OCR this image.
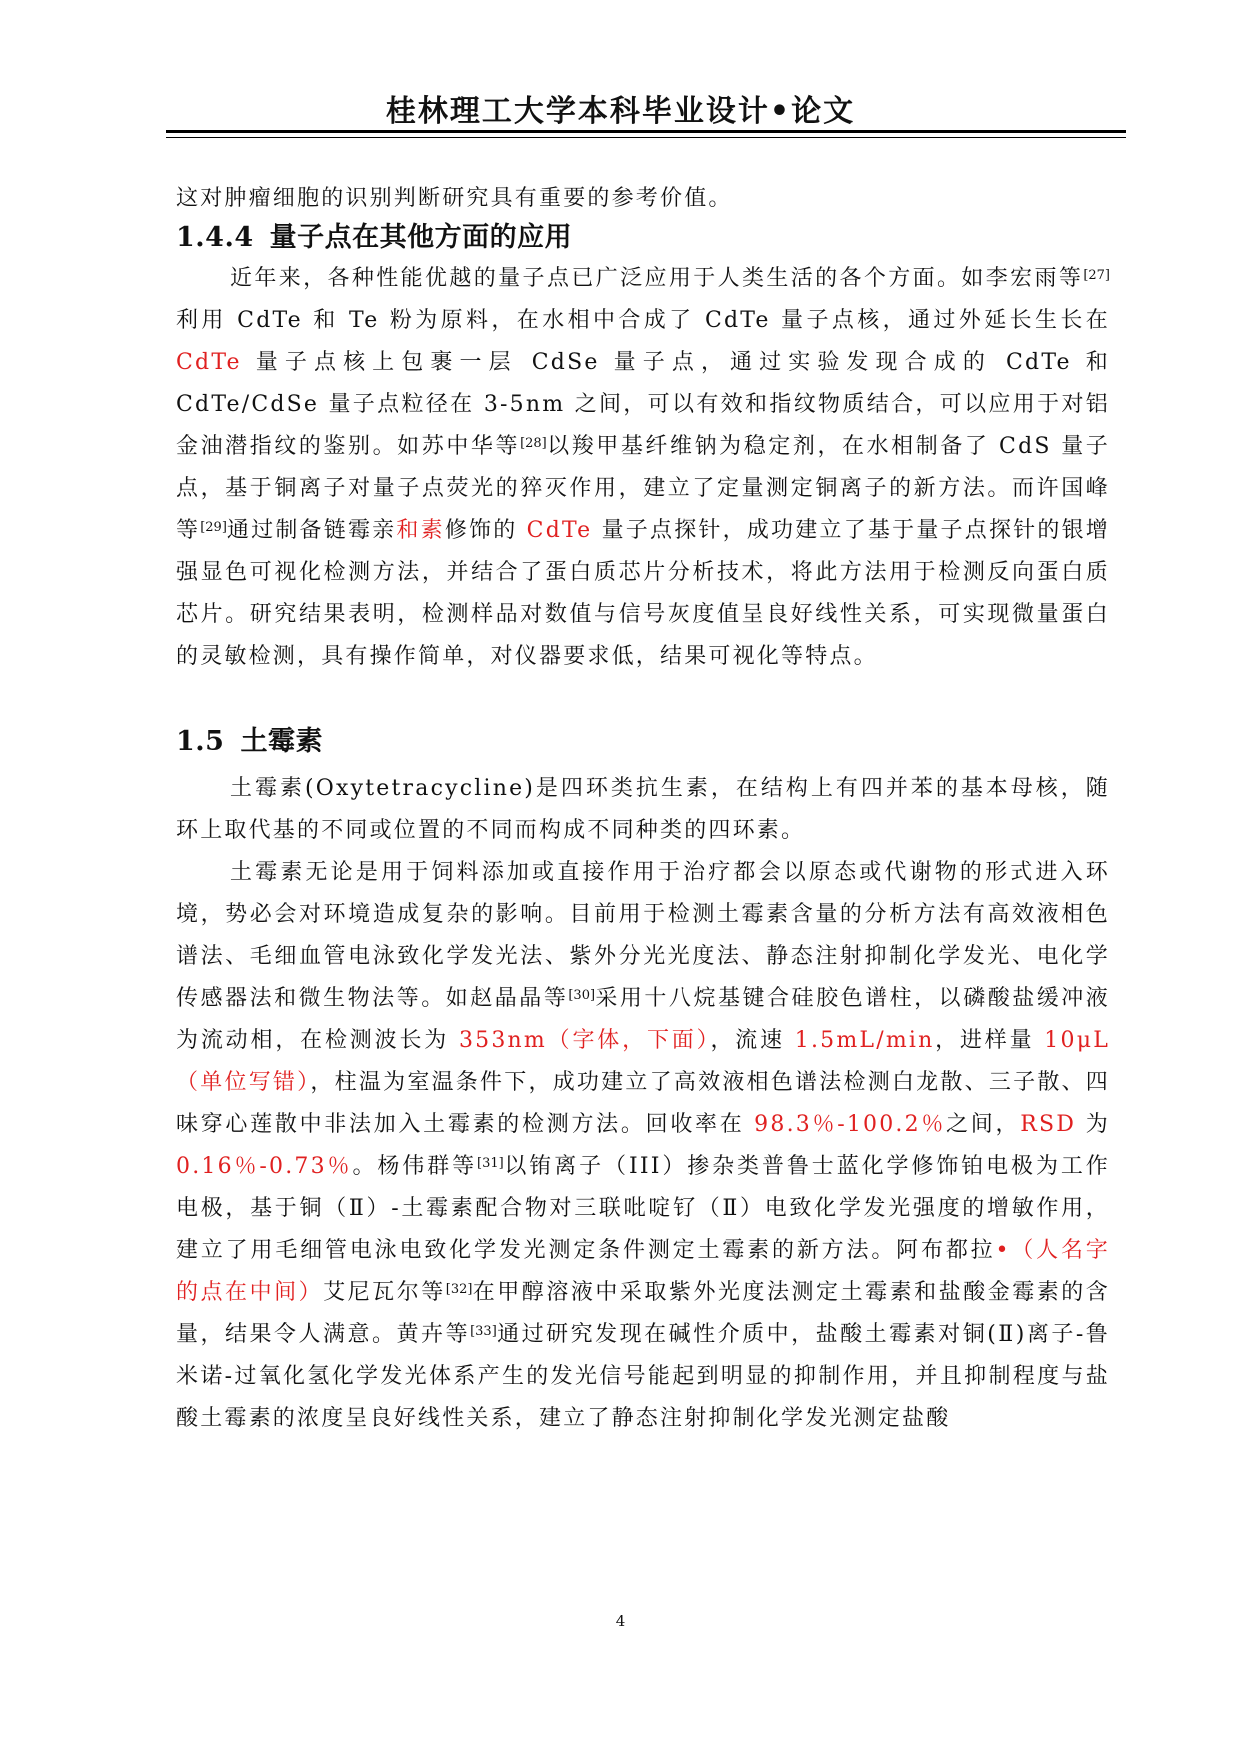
桂林理工大学本科毕业设计•论文

这对肿瘤细胞的识别判断研究具有重要的参考价值。

1.4.4 量子点在其他方面的应用

近年来，各种性能优越的量子点已广泛应用于人类生活的各个方面。如李宏雨等[27]利用 CdTe 和 Te 粉为原料，在水相中合成了 CdTe 量子点核，通过外延长生长在 CdTe 量子点核上包裹一层 CdSe 量子点，通过实验发现合成的 CdTe 和 CdTe/CdSe 量子点粒径在 3-5nm 之间，可以有效和指纹物质结合，可以应用于对铝金油潜指纹的鉴别。如苏中华等[28]以羧甲基纤维钠为稳定剂，在水相制备了 CdS 量子点，基于铜离子对量子点荧光的猝灭作用，建立了定量测定铜离子的新方法。而许国峰等[29]通过制备链霉亲和素修饰的 CdTe 量子点探针，成功建立了基于量子点探针的银增强显色可视化检测方法，并结合了蛋白质芯片分析技术，将此方法用于检测反向蛋白质芯片。研究结果表明，检测样品对数值与信号灰度值呈良好线性关系，可实现微量蛋白的灵敏检测，具有操作简单，对仪器要求低，结果可视化等特点。

1.5 土霉素

土霉素(Oxytetracycline)是四环类抗生素，在结构上有四并苯的基本母核，随环上取代基的不同或位置的不同而构成不同种类的四环素。

土霉素无论是用于饲料添加或直接作用于治疗都会以原态或代谢物的形式进入环境，势必会对环境造成复杂的影响。目前用于检测土霉素含量的分析方法有高效液相色谱法、毛细血管电泳致化学发光法、紫外分光光度法、静态注射抑制化学发光、电化学传感器法和微生物法等。如赵晶晶等[30]采用十八烷基键合硅胶色谱柱，以磷酸盐缓冲液为流动相，在检测波长为 353nm（字体，下面），流速 1.5mL/min，进样量 10μL（单位写错），柱温为室温条件下，成功建立了高效液相色谱法检测白龙散、三子散、四味穿心莲散中非法加入土霉素的检测方法。回收率在 98.3％-100.2％之间，RSD 为 0.16％-0.73％。杨伟群等[31]以铕离子（III）掺杂类普鲁士蓝化学修饰铂电极为工作电极，基于铜（Ⅱ）-土霉素配合物对三联吡啶钌（Ⅱ）电致化学发光强度的增敏作用，建立了用毛细管电泳电致化学发光测定条件测定土霉素的新方法。阿布都拉•（人名字的点在中间）艾尼瓦尔等[32]在甲醇溶液中采取紫外光度法测定土霉素和盐酸金霉素的含量，结果令人满意。黄卉等[33]通过研究发现在碱性介质中，盐酸土霉素对铜(Ⅱ)离子-鲁米诺-过氧化氢化学发光体系产生的发光信号能起到明显的抑制作用，并且抑制程度与盐酸土霉素的浓度呈良好线性关系，建立了静态注射抑制化学发光测定盐酸

4
